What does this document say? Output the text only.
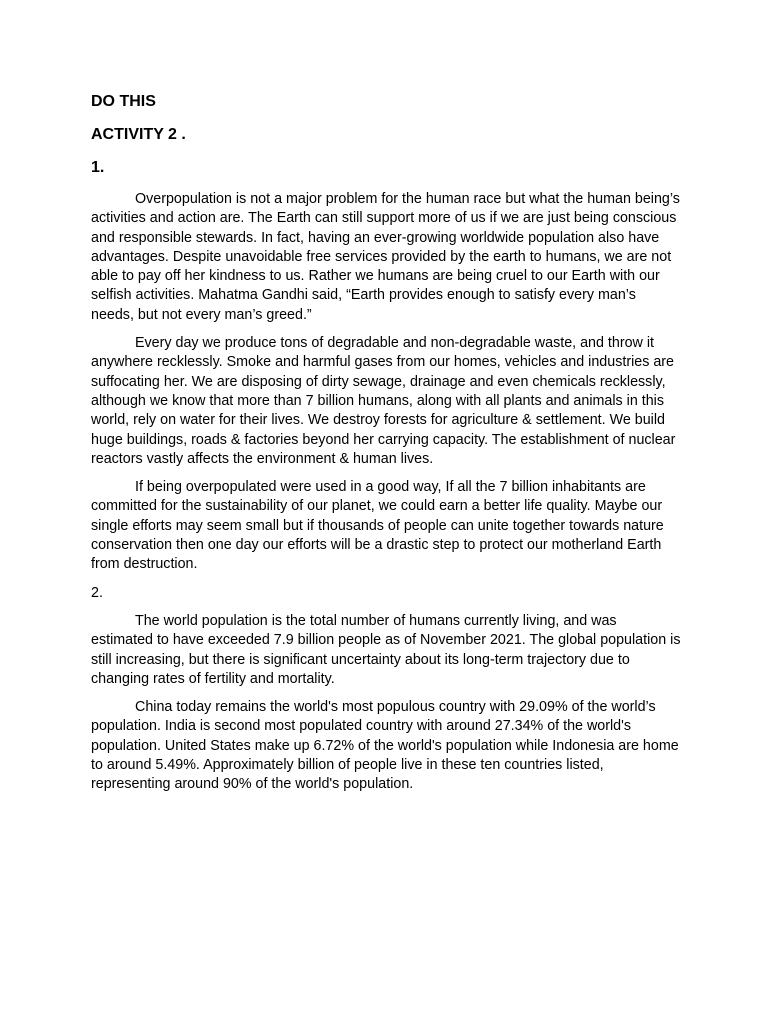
DO THIS

ACTIVITY 2 .

1.

Overpopulation is not a major problem for the human race but what the human being’s activities and action are. The Earth can still support more of us if we are just being conscious and responsible stewards. In fact, having an ever-growing worldwide population also have advantages. Despite unavoidable free services provided by the earth to humans, we are not able to pay off her kindness to us. Rather we humans are being cruel to our Earth with our selfish activities. Mahatma Gandhi said, “Earth provides enough to satisfy every man’s needs, but not every man’s greed.”

Every day we produce tons of degradable and non-degradable waste, and throw it anywhere recklessly. Smoke and harmful gases from our homes, vehicles and industries are suffocating her. We are disposing of dirty sewage, drainage and even chemicals recklessly, although we know that more than 7 billion humans, along with all plants and animals in this world, rely on water for their lives. We destroy forests for agriculture & settlement. We build huge buildings, roads & factories beyond her carrying capacity. The establishment of nuclear reactors vastly affects the environment & human lives.

If being overpopulated were used in a good way, If all the 7 billion inhabitants are committed for the sustainability of our planet, we could earn a better life quality. Maybe our single efforts may seem small but if thousands of people can unite together towards nature conservation then one day our efforts will be a drastic step to protect our motherland Earth from destruction.

2.

The world population is the total number of humans currently living, and was estimated to have exceeded 7.9 billion people as of November 2021. The global population is still increasing, but there is significant uncertainty about its long-term trajectory due to changing rates of fertility and mortality.

China today remains the world's most populous country with 29.09% of the world’s population. India is second most populated country with around 27.34% of the world's population. United States make up 6.72% of the world's population while Indonesia are home to around 5.49%. Approximately billion of people live in these ten countries listed, representing around 90% of the world's population.
